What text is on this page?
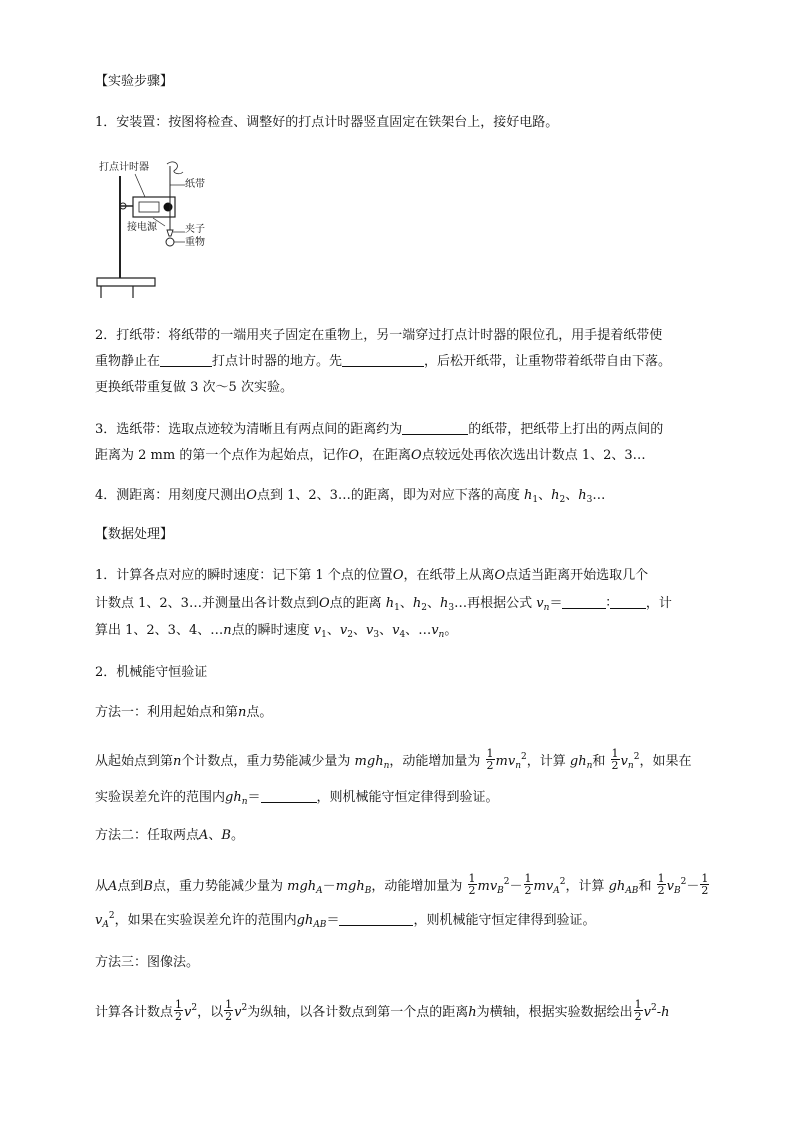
【实验步骤】
1．安装置：按图将检查、调整好的打点计时器竖直固定在铁架台上，接好电路。
打点计时器
纸带
接电源	夹子
重物
2．打纸带：将纸带的一端用夹子固定在重物上，另一端穿过打点计时器的限位孔，用手提着纸带使
重物静止在	打点计时器的地方。先	，后松开纸带，让重物带着纸带自由下落。
更换纸带重复做 3 次～5 次实验。
3．选纸带：选取点迹较为清晰且有两点间的距离约为	的纸带，把纸带上打出的两点间的
距离为 2 mm 的第一个点作为起始点，记作O，在距离O点较远处再依次选出计数点 1、2、3…
4．测距离：用刻度尺测出O点到 1、2、3…的距离，即为对应下落的高度 $h_1$、$h_2$、$h_3\dots$
【数据处理】
1．计算各点对应的瞬时速度：记下第 1 个点的位置O，在纸带上从离O点适当距离开始选取几个
计数点 1、2、3…并测量出各计数点到O点的距离 $h_1$、$h_2$、$h_3\dots$再根据公式 $v_n=$	∶	，计
算出 1、2、3、4、…n点的瞬时速度 $v_1$、$v_2$、$v_3$、$v_4$、$\dots v_n$。
2．机械能守恒验证
方法一：利用起始点和第n点。
从起始点到第n个计数点，重力势能减少量为 mgh$_n$，动能增加量为 $\frac{1}{2} mv_n^2$，计算 $gh_n$和 $\frac{1}{2} v_n^2$，如果在
实验误差允许的范围内$gh_n=$	，则机械能守恒定律得到验证。
方法二：任取两点A、B。
从A点到B点，重力势能减少量为 mgh$_A$－mgh$_B$，动能增加量为 $\frac{1}{2} mv_B^2- \frac{1}{2} mv_A^2$，计算 $gh_{AB}$和 $\frac{1}{2} v_B^2- \frac{1}{2}$
$v_A^2$，如果在实验误差允许的范围内$gh_{AB}=$	，则机械能守恒定律得到验证。
方法三：图像法。
计算各计数点 $\frac{1}{2} v^2$，以 $\frac{1}{2} v^2$为纵轴，以各计数点到第一个点的距离h为横轴，根据实验数据绘出 $\frac{1}{2} v^2-h$
